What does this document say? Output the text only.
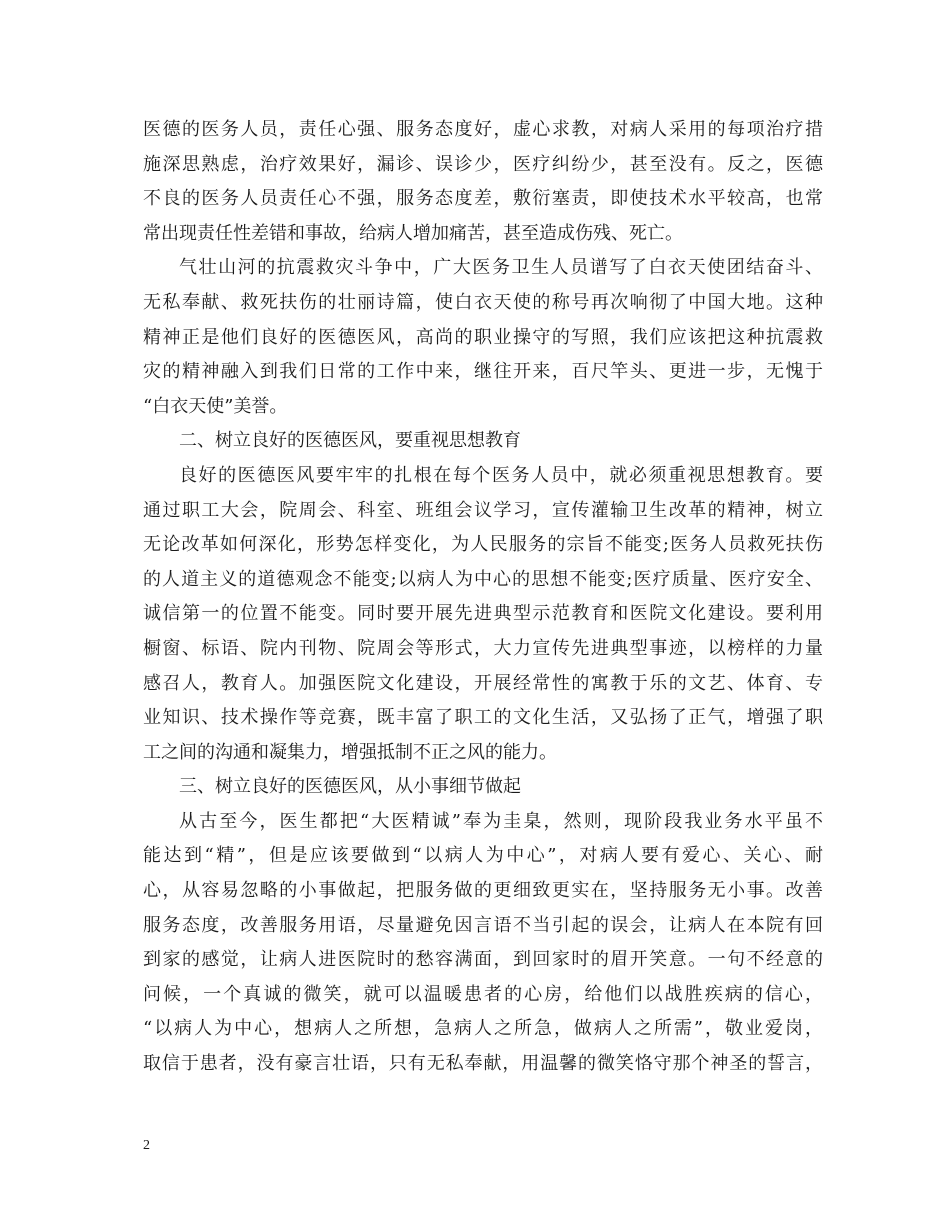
医德的医务人员，责任心强、服务态度好，虚心求教，对病人采用的每项治疗措
施深思熟虑，治疗效果好，漏诊、误诊少，医疗纠纷少，甚至没有。反之，医德
不良的医务人员责任心不强，服务态度差，敷衍塞责，即使技术水平较高，也常
常出现责任性差错和事故，给病人增加痛苦，甚至造成伤残、死亡。
气壮山河的抗震救灾斗争中，广大医务卫生人员谱写了白衣天使团结奋斗、
无私奉献、救死扶伤的壮丽诗篇，使白衣天使的称号再次响彻了中国大地。这种
精神正是他们良好的医德医风，高尚的职业操守的写照，我们应该把这种抗震救
灾的精神融入到我们日常的工作中来，继往开来，百尺竿头、更进一步，无愧于
“白衣天使”美誉。
二、树立良好的医德医风，要重视思想教育
良好的医德医风要牢牢的扎根在每个医务人员中，就必须重视思想教育。要
通过职工大会，院周会、科室、班组会议学习，宣传灌输卫生改革的精神，树立
无论改革如何深化，形势怎样变化，为人民服务的宗旨不能变;医务人员救死扶伤
的人道主义的道德观念不能变;以病人为中心的思想不能变;医疗质量、医疗安全、
诚信第一的位置不能变。同时要开展先进典型示范教育和医院文化建设。要利用
橱窗、标语、院内刊物、院周会等形式，大力宣传先进典型事迹，以榜样的力量
感召人，教育人。加强医院文化建设，开展经常性的寓教于乐的文艺、体育、专
业知识、技术操作等竞赛，既丰富了职工的文化生活，又弘扬了正气，增强了职
工之间的沟通和凝集力，增强抵制不正之风的能力。
三、树立良好的医德医风，从小事细节做起
从古至今，医生都把“大医精诚”奉为圭臬，然则，现阶段我业务水平虽不
能达到“精”，但是应该要做到“以病人为中心”，对病人要有爱心、关心、耐
心，从容易忽略的小事做起，把服务做的更细致更实在，坚持服务无小事。改善
服务态度，改善服务用语，尽量避免因言语不当引起的误会，让病人在本院有回
到家的感觉，让病人进医院时的愁容满面，到回家时的眉开笑意。一句不经意的
问候，一个真诚的微笑，就可以温暖患者的心房，给他们以战胜疾病的信心，
“以病人为中心，想病人之所想，急病人之所急，做病人之所需”，敬业爱岗，
取信于患者，没有豪言壮语，只有无私奉献，用温馨的微笑恪守那个神圣的誓言，
2
